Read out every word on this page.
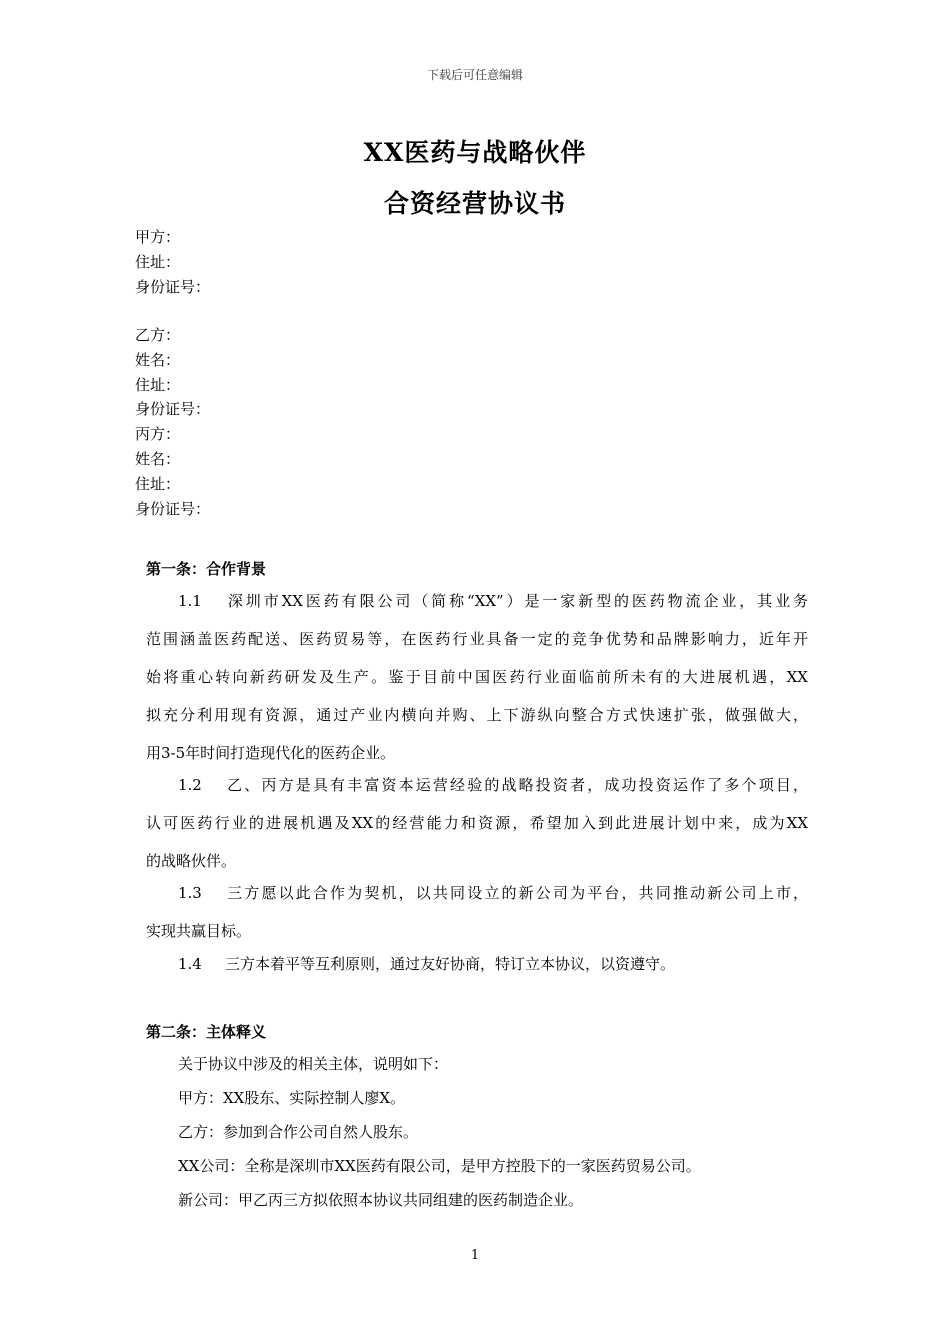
下载后可任意编辑
XX医药与战略伙伴
合资经营协议书
甲方：
住址：
身份证号：
乙方：
姓名：
住址：
身份证号：
丙方：
姓名：
住址：
身份证号：
第一条：合作背景
1.1 深圳市XX医药有限公司（简称“XX”）是一家新型的医药物流企业，其业务
范围涵盖医药配送、医药贸易等，在医药行业具备一定的竞争优势和品牌影响力，近年开
始将重心转向新药研发及生产。鉴于目前中国医药行业面临前所未有的大进展机遇，XX
拟充分利用现有资源，通过产业内横向并购、上下游纵向整合方式快速扩张，做强做大，
用3-5年时间打造现代化的医药企业。
1.2 乙、丙方是具有丰富资本运营经验的战略投资者，成功投资运作了多个项目，
认可医药行业的进展机遇及XX的经营能力和资源，希望加入到此进展计划中来，成为XX
的战略伙伴。
1.3 三方愿以此合作为契机，以共同设立的新公司为平台，共同推动新公司上市，
实现共赢目标。
1.4 三方本着平等互利原则，通过友好协商，特订立本协议，以资遵守。
第二条：主体释义
关于协议中涉及的相关主体，说明如下：
甲方：XX股东、实际控制人廖X。
乙方：参加到合作公司自然人股东。
XX公司：全称是深圳市XX医药有限公司，是甲方控股下的一家医药贸易公司。
新公司：甲乙丙三方拟依照本协议共同组建的医药制造企业。
1
